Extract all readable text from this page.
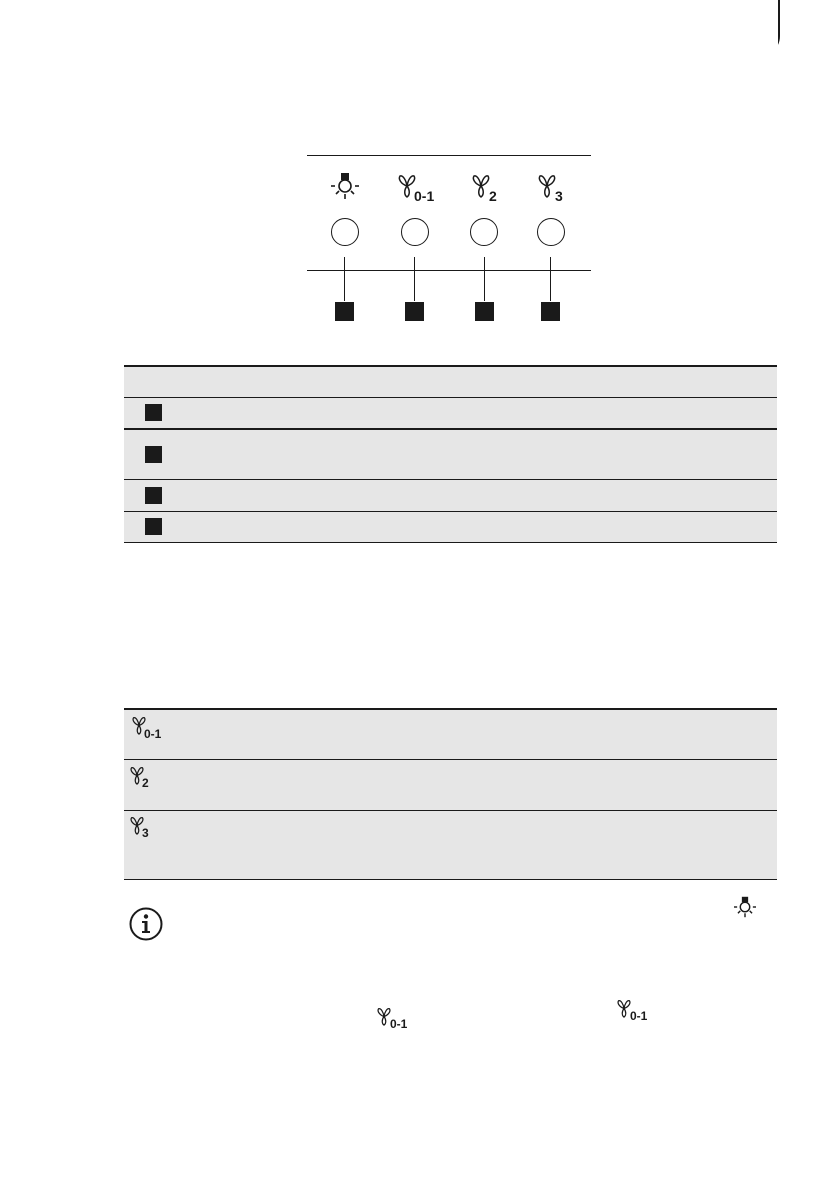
0-1	2	3
0-1
2
3
0-1
0-1
